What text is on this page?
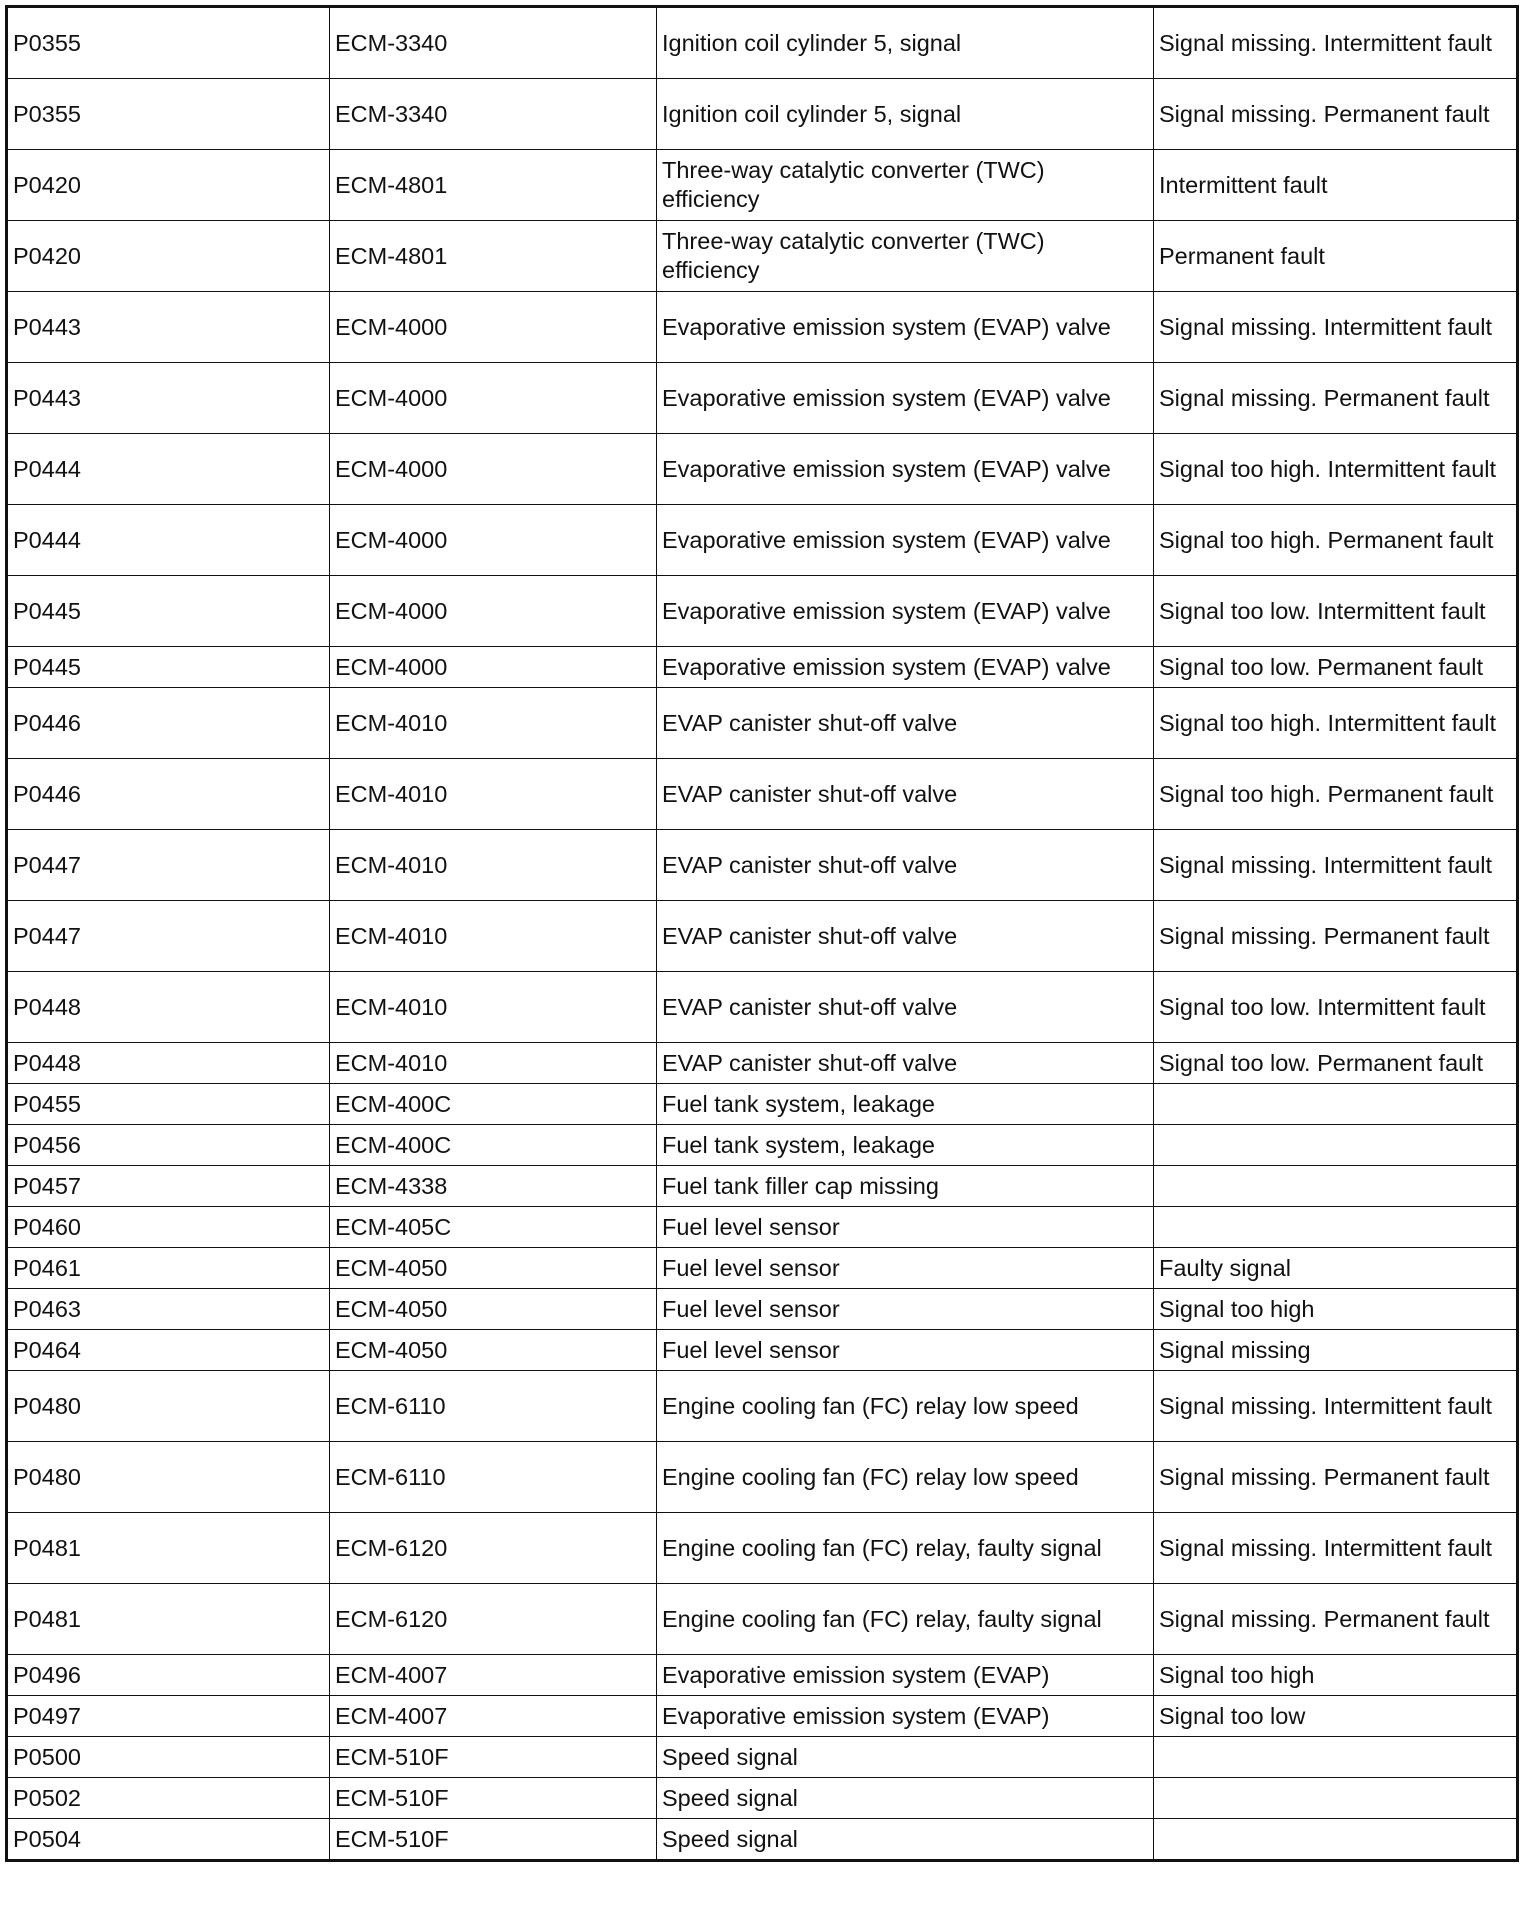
P0355	ECM-3340	Ignition coil cylinder 5, signal	Signal missing. Intermittent fault
P0355	ECM-3340	Ignition coil cylinder 5, signal	Signal missing. Permanent fault
P0420	ECM-4801	Three-way catalytic converter (TWC) efficiency	Intermittent fault
P0420	ECM-4801	Three-way catalytic converter (TWC) efficiency	Permanent fault
P0443	ECM-4000	Evaporative emission system (EVAP) valve	Signal missing. Intermittent fault
P0443	ECM-4000	Evaporative emission system (EVAP) valve	Signal missing. Permanent fault
P0444	ECM-4000	Evaporative emission system (EVAP) valve	Signal too high. Intermittent fault
P0444	ECM-4000	Evaporative emission system (EVAP) valve	Signal too high. Permanent fault
P0445	ECM-4000	Evaporative emission system (EVAP) valve	Signal too low. Intermittent fault
P0445	ECM-4000	Evaporative emission system (EVAP) valve	Signal too low. Permanent fault
P0446	ECM-4010	EVAP canister shut-off valve	Signal too high. Intermittent fault
P0446	ECM-4010	EVAP canister shut-off valve	Signal too high. Permanent fault
P0447	ECM-4010	EVAP canister shut-off valve	Signal missing. Intermittent fault
P0447	ECM-4010	EVAP canister shut-off valve	Signal missing. Permanent fault
P0448	ECM-4010	EVAP canister shut-off valve	Signal too low. Intermittent fault
P0448	ECM-4010	EVAP canister shut-off valve	Signal too low. Permanent fault
P0455	ECM-400C	Fuel tank system, leakage	
P0456	ECM-400C	Fuel tank system, leakage	
P0457	ECM-4338	Fuel tank filler cap missing	
P0460	ECM-405C	Fuel level sensor	
P0461	ECM-4050	Fuel level sensor	Faulty signal
P0463	ECM-4050	Fuel level sensor	Signal too high
P0464	ECM-4050	Fuel level sensor	Signal missing
P0480	ECM-6110	Engine cooling fan (FC) relay low speed	Signal missing. Intermittent fault
P0480	ECM-6110	Engine cooling fan (FC) relay low speed	Signal missing. Permanent fault
P0481	ECM-6120	Engine cooling fan (FC) relay, faulty signal	Signal missing. Intermittent fault
P0481	ECM-6120	Engine cooling fan (FC) relay, faulty signal	Signal missing. Permanent fault
P0496	ECM-4007	Evaporative emission system (EVAP)	Signal too high
P0497	ECM-4007	Evaporative emission system (EVAP)	Signal too low
P0500	ECM-510F	Speed signal	
P0502	ECM-510F	Speed signal	
P0504	ECM-510F	Speed signal	
